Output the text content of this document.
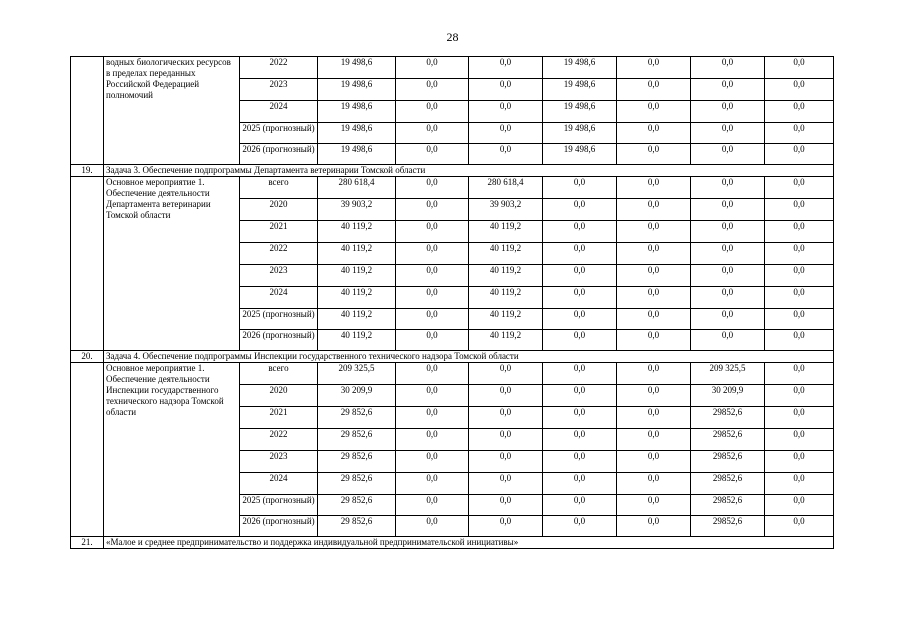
28
	водных биологических ресурсов в пределах переданных Российской Федерацией полномочий	2022	19 498,6	0,0	0,0	19 498,6	0,0	0,0	0,0
		2023	19 498,6	0,0	0,0	19 498,6	0,0	0,0	0,0
		2024	19 498,6	0,0	0,0	19 498,6	0,0	0,0	0,0
		2025 (прогнозный)	19 498,6	0,0	0,0	19 498,6	0,0	0,0	0,0
		2026 (прогнозный)	19 498,6	0,0	0,0	19 498,6	0,0	0,0	0,0
19.	Задача 3. Обеспечение подпрограммы Департамента ветеринарии Томской области								
	Основное мероприятие 1. Обеспечение деятельности Департамента ветеринарии Томской области	всего	280 618,4	0,0	280 618,4	0,0	0,0	0,0	0,0
		2020	39 903,2	0,0	39 903,2	0,0	0,0	0,0	0,0
		2021	40 119,2	0,0	40 119,2	0,0	0,0	0,0	0,0
		2022	40 119,2	0,0	40 119,2	0,0	0,0	0,0	0,0
		2023	40 119,2	0,0	40 119,2	0,0	0,0	0,0	0,0
		2024	40 119,2	0,0	40 119,2	0,0	0,0	0,0	0,0
		2025 (прогнозный)	40 119,2	0,0	40 119,2	0,0	0,0	0,0	0,0
		2026 (прогнозный)	40 119,2	0,0	40 119,2	0,0	0,0	0,0	0,0
20.	Задача 4. Обеспечение подпрограммы Инспекции государственного технического надзора Томской области								
	Основное мероприятие 1. Обеспечение деятельности Инспекции государственного технического надзора Томской области	всего	209 325,5	0,0	0,0	0,0	0,0	209 325,5	0,0
		2020	30 209,9	0,0	0,0	0,0	0,0	30 209,9	0,0
		2021	29 852,6	0,0	0,0	0,0	0,0	29852,6	0,0
		2022	29 852,6	0,0	0,0	0,0	0,0	29852,6	0,0
		2023	29 852,6	0,0	0,0	0,0	0,0	29852,6	0,0
		2024	29 852,6	0,0	0,0	0,0	0,0	29852,6	0,0
		2025 (прогнозный)	29 852,6	0,0	0,0	0,0	0,0	29852,6	0,0
		2026 (прогнозный)	29 852,6	0,0	0,0	0,0	0,0	29852,6	0,0
21.	«Малое и среднее предпринимательство и поддержка индивидуальной предпринимательской инициативы»								
